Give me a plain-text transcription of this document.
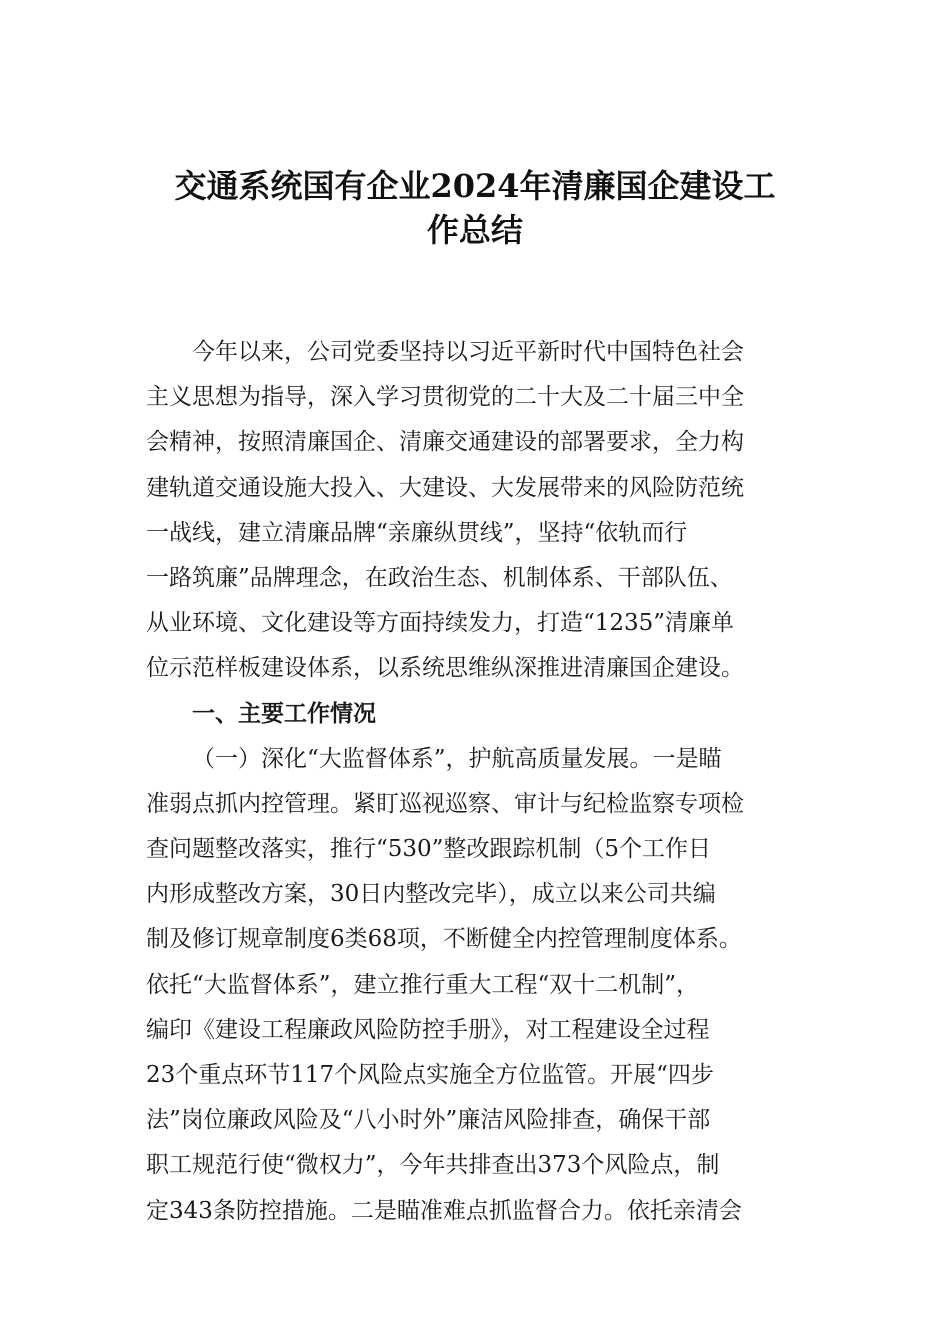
交通系统国有企业2024年清廉国企建设工
作总结
今年以来，公司党委坚持以习近平新时代中国特色社会
主义思想为指导，深入学习贯彻党的二十大及二十届三中全
会精神，按照清廉国企、清廉交通建设的部署要求，全力构
建轨道交通设施大投入、大建设、大发展带来的风险防范统
一战线，建立清廉品牌“亲廉纵贯线”，坚持“依轨而行
一路筑廉”品牌理念，在政治生态、机制体系、干部队伍、
从业环境、文化建设等方面持续发力，打造“1235”清廉单
位示范样板建设体系，以系统思维纵深推进清廉国企建设。
一、主要工作情况
（一）深化“大监督体系”，护航高质量发展。一是瞄
准弱点抓内控管理。紧盯巡视巡察、审计与纪检监察专项检
查问题整改落实，推行“530”整改跟踪机制（5个工作日
内形成整改方案，30日内整改完毕），成立以来公司共编
制及修订规章制度6类68项，不断健全内控管理制度体系。
依托“大监督体系”，建立推行重大工程“双十二机制”，
编印《建设工程廉政风险防控手册》，对工程建设全过程
23个重点环节117个风险点实施全方位监管。开展“四步
法”岗位廉政风险及“八小时外”廉洁风险排查，确保干部
职工规范行使“微权力”，今年共排查出373个风险点，制
定343条防控措施。二是瞄准难点抓监督合力。依托亲清会
